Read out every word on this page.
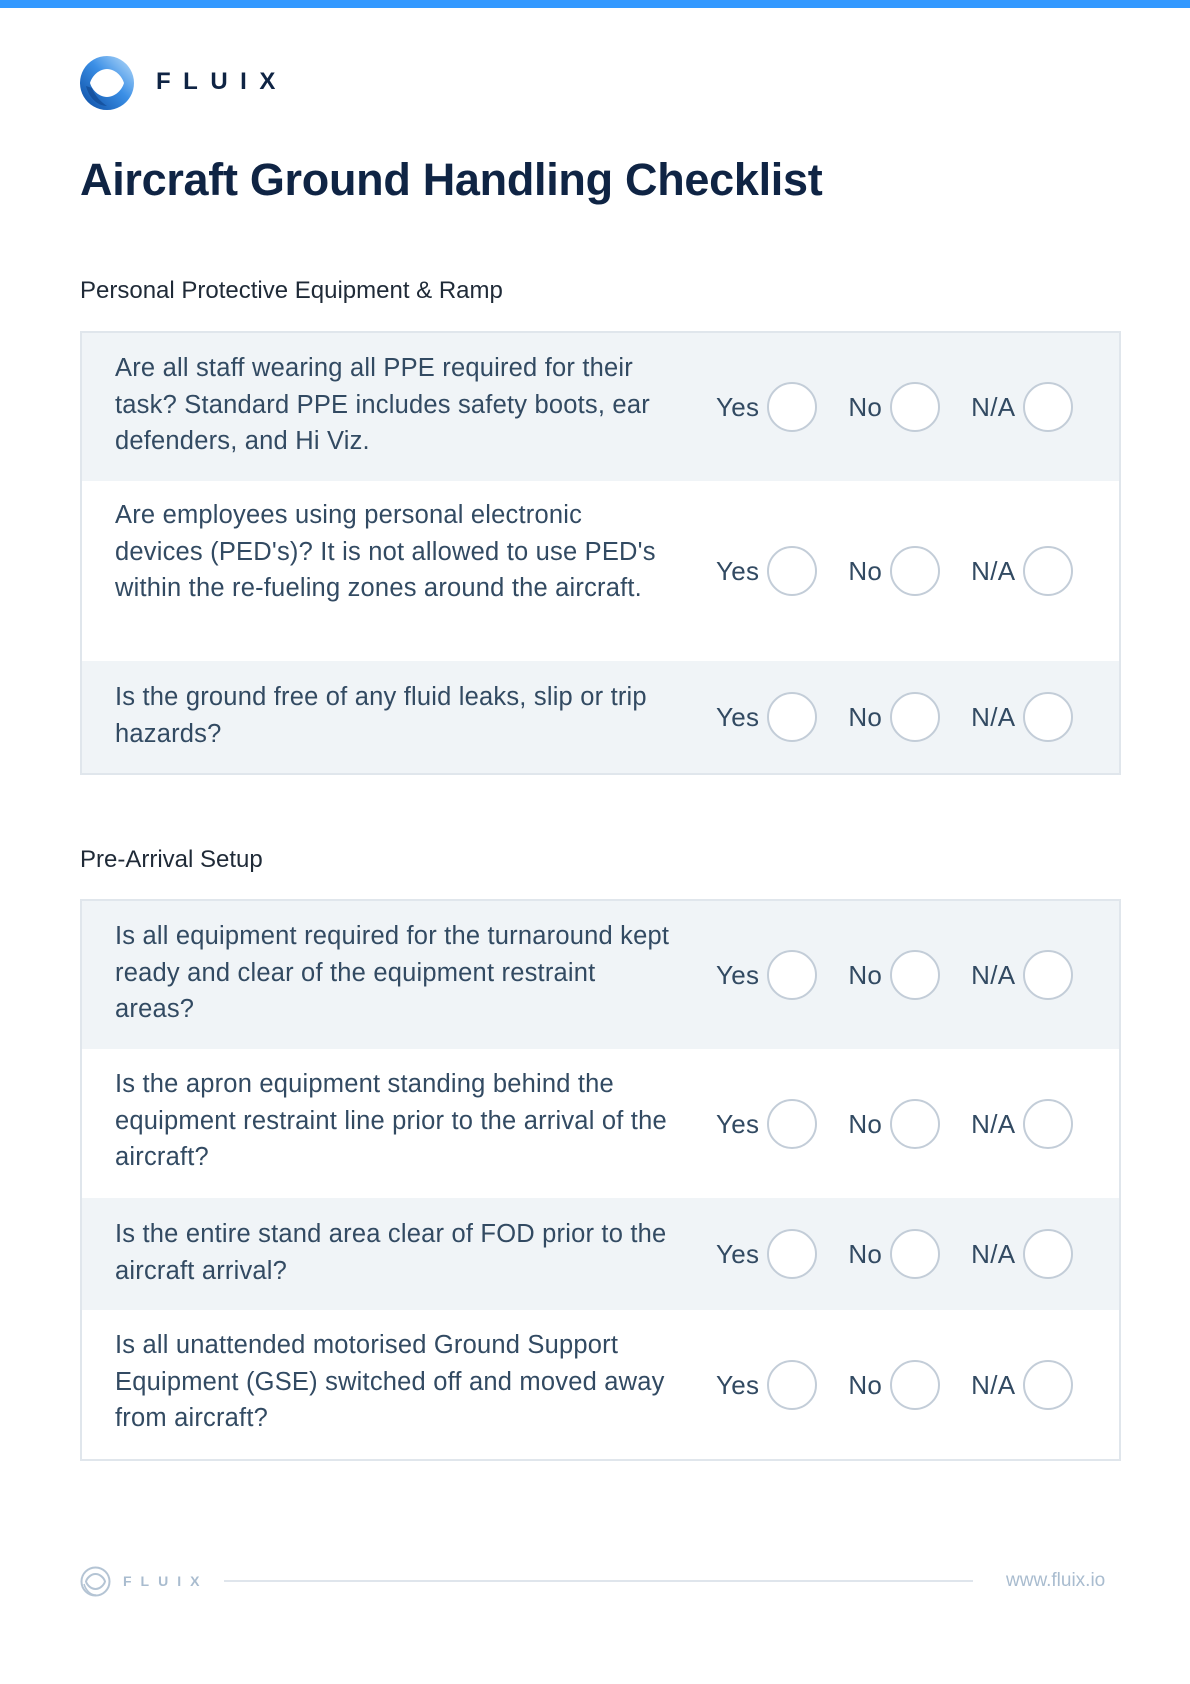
FLUIX
Aircraft Ground Handling Checklist
Personal Protective Equipment & Ramp
Are all staff wearing all PPE required for their task? Standard PPE includes safety boots, ear defenders, and Hi Viz.
Yes	No	N/A
Are employees using personal electronic devices (PED's)? It is not allowed to use PED's within the re-fueling zones around the aircraft.
Yes	No	N/A
Is the ground free of any fluid leaks, slip or trip hazards?
Yes	No	N/A
Pre-Arrival Setup
Is all equipment required for the turnaround kept ready and clear of the equipment restraint areas?
Yes	No	N/A
Is the apron equipment standing behind the equipment restraint line prior to the arrival of the aircraft?
Yes	No	N/A
Is the entire stand area clear of FOD prior to the aircraft arrival?
Yes	No	N/A
Is all unattended motorised Ground Support Equipment (GSE) switched off and moved away from aircraft?
Yes	No	N/A
FLUIX	www.fluix.io
